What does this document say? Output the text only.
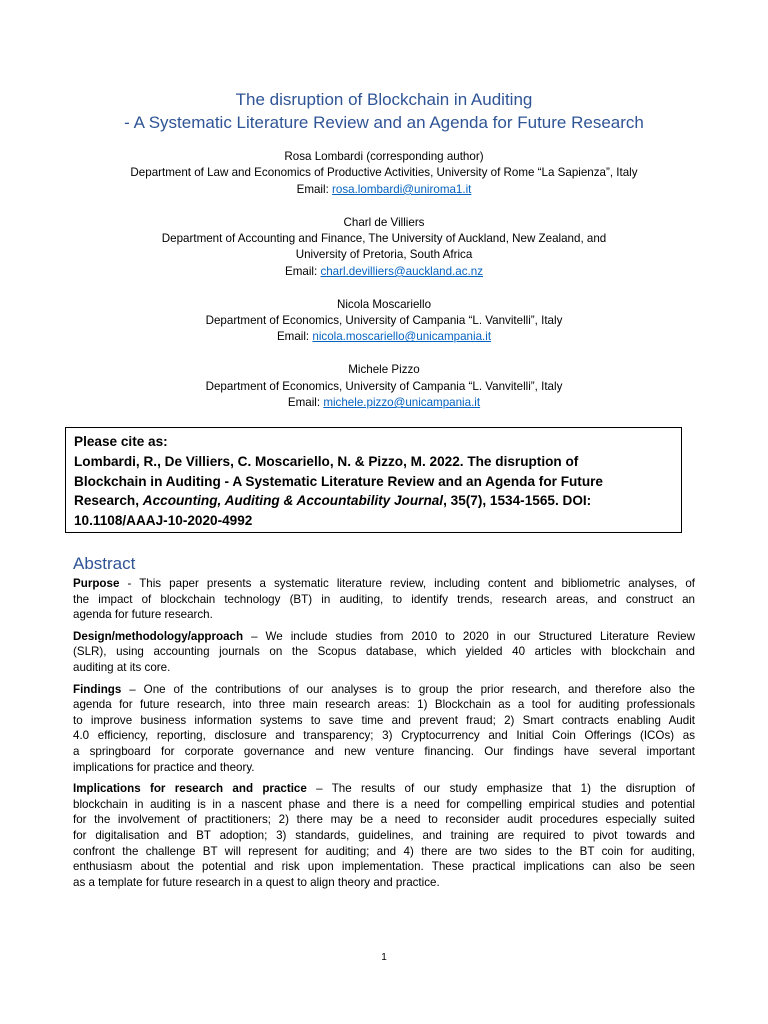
The disruption of Blockchain in Auditing
- A Systematic Literature Review and an Agenda for Future Research
Rosa Lombardi (corresponding author)
Department of Law and Economics of Productive Activities, University of Rome “La Sapienza”, Italy
Email: rosa.lombardi@uniroma1.it
Charl de Villiers
Department of Accounting and Finance, The University of Auckland, New Zealand, and
University of Pretoria, South Africa
Email: charl.devilliers@auckland.ac.nz
Nicola Moscariello
Department of Economics, University of Campania “L. Vanvitelli”, Italy
Email: nicola.moscariello@unicampania.it
Michele Pizzo
Department of Economics, University of Campania “L. Vanvitelli”, Italy
Email: michele.pizzo@unicampania.it
Please cite as:
Lombardi, R., De Villiers, C. Moscariello, N. & Pizzo, M. 2022. The disruption of
Blockchain in Auditing - A Systematic Literature Review and an Agenda for Future
Research, Accounting, Auditing & Accountability Journal, 35(7), 1534-1565. DOI:
10.1108/AAAJ-10-2020-4992
Abstract
Purpose - This paper presents a systematic literature review, including content and bibliometric analyses, of
the impact of blockchain technology (BT) in auditing, to identify trends, research areas, and construct an
agenda for future research.
Design/methodology/approach – We include studies from 2010 to 2020 in our Structured Literature Review
(SLR), using accounting journals on the Scopus database, which yielded 40 articles with blockchain and
auditing at its core.
Findings – One of the contributions of our analyses is to group the prior research, and therefore also the
agenda for future research, into three main research areas: 1) Blockchain as a tool for auditing professionals
to improve business information systems to save time and prevent fraud; 2) Smart contracts enabling Audit
4.0 efficiency, reporting, disclosure and transparency; 3) Cryptocurrency and Initial Coin Offerings (ICOs) as
a springboard for corporate governance and new venture financing. Our findings have several important
implications for practice and theory.
Implications for research and practice – The results of our study emphasize that 1) the disruption of
blockchain in auditing is in a nascent phase and there is a need for compelling empirical studies and potential
for the involvement of practitioners; 2) there may be a need to reconsider audit procedures especially suited
for digitalisation and BT adoption; 3) standards, guidelines, and training are required to pivot towards and
confront the challenge BT will represent for auditing; and 4) there are two sides to the BT coin for auditing,
enthusiasm about the potential and risk upon implementation. These practical implications can also be seen
as a template for future research in a quest to align theory and practice.
1
